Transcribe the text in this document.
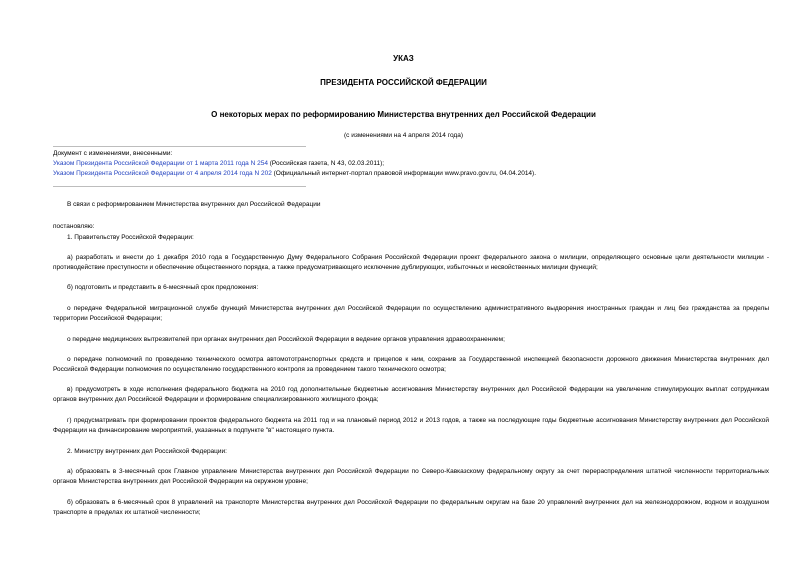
УКАЗ
ПРЕЗИДЕНТА РОССИЙСКОЙ ФЕДЕРАЦИИ
О некоторых мерах по реформированию Министерства внутренних дел Российской Федерации
(с изменениями на 4 апреля 2014 года)
Документ с изменениями, внесенными:
Указом Президента Российской Федерации от 1 марта 2011 года N 254 (Российская газета, N 43, 02.03.2011);
Указом Президента Российской Федерации от 4 апреля 2014 года N 202 (Официальный интернет-портал правовой информации www.pravo.gov.ru, 04.04.2014).
В связи с реформированием Министерства внутренних дел Российской Федерации
постановляю:
1. Правительству Российской Федерации:
а) разработать и внести до 1 декабря 2010 года в Государственную Думу Федерального Собрания Российской Федерации проект федерального закона о милиции, определяющего основные цели деятельности милиции - противодействие преступности и обеспечение общественного порядка, а также предусматривающего исключение дублирующих, избыточных и несвойственных милиции функций;
б) подготовить и представить в 6-месячный срок предложения:
о передаче Федеральной миграционной службе функций Министерства внутренних дел Российской Федерации по осуществлению административного выдворения иностранных граждан и лиц без гражданства за пределы территории Российской Федерации;
о передаче медицинских вытрезвителей при органах внутренних дел Российской Федерации в ведение органов управления здравоохранением;
о передаче полномочий по проведению технического осмотра автомототранспортных средств и прицепов к ним, сохранив за Государственной инспекцией безопасности дорожного движения Министерства внутренних дел Российской Федерации полномочия по осуществлению государственного контроля за проведением такого технического осмотра;
в) предусмотреть в ходе исполнения федерального бюджета на 2010 год дополнительные бюджетные ассигнования Министерству внутренних дел Российской Федерации на увеличение стимулирующих выплат сотрудникам органов внутренних дел Российской Федерации и формирование специализированного жилищного фонда;
г) предусматривать при формировании проектов федерального бюджета на 2011 год и на плановый период 2012 и 2013 годов, а также на последующие годы бюджетные ассигнования Министерству внутренних дел Российской Федерации на финансирование мероприятий, указанных в подпункте "в" настоящего пункта.
2. Министру внутренних дел Российской Федерации:
а) образовать в 3-месячный срок Главное управление Министерства внутренних дел Российской Федерации по Северо-Кавказскому федеральному округу за счет перераспределения штатной численности территориальных органов Министерства внутренних дел Российской Федерации на окружном уровне;
б) образовать в 6-месячный срок 8 управлений на транспорте Министерства внутренних дел Российской Федерации по федеральным округам на базе 20 управлений внутренних дел на железнодорожном, водном и воздушном транспорте в пределах их штатной численности;
